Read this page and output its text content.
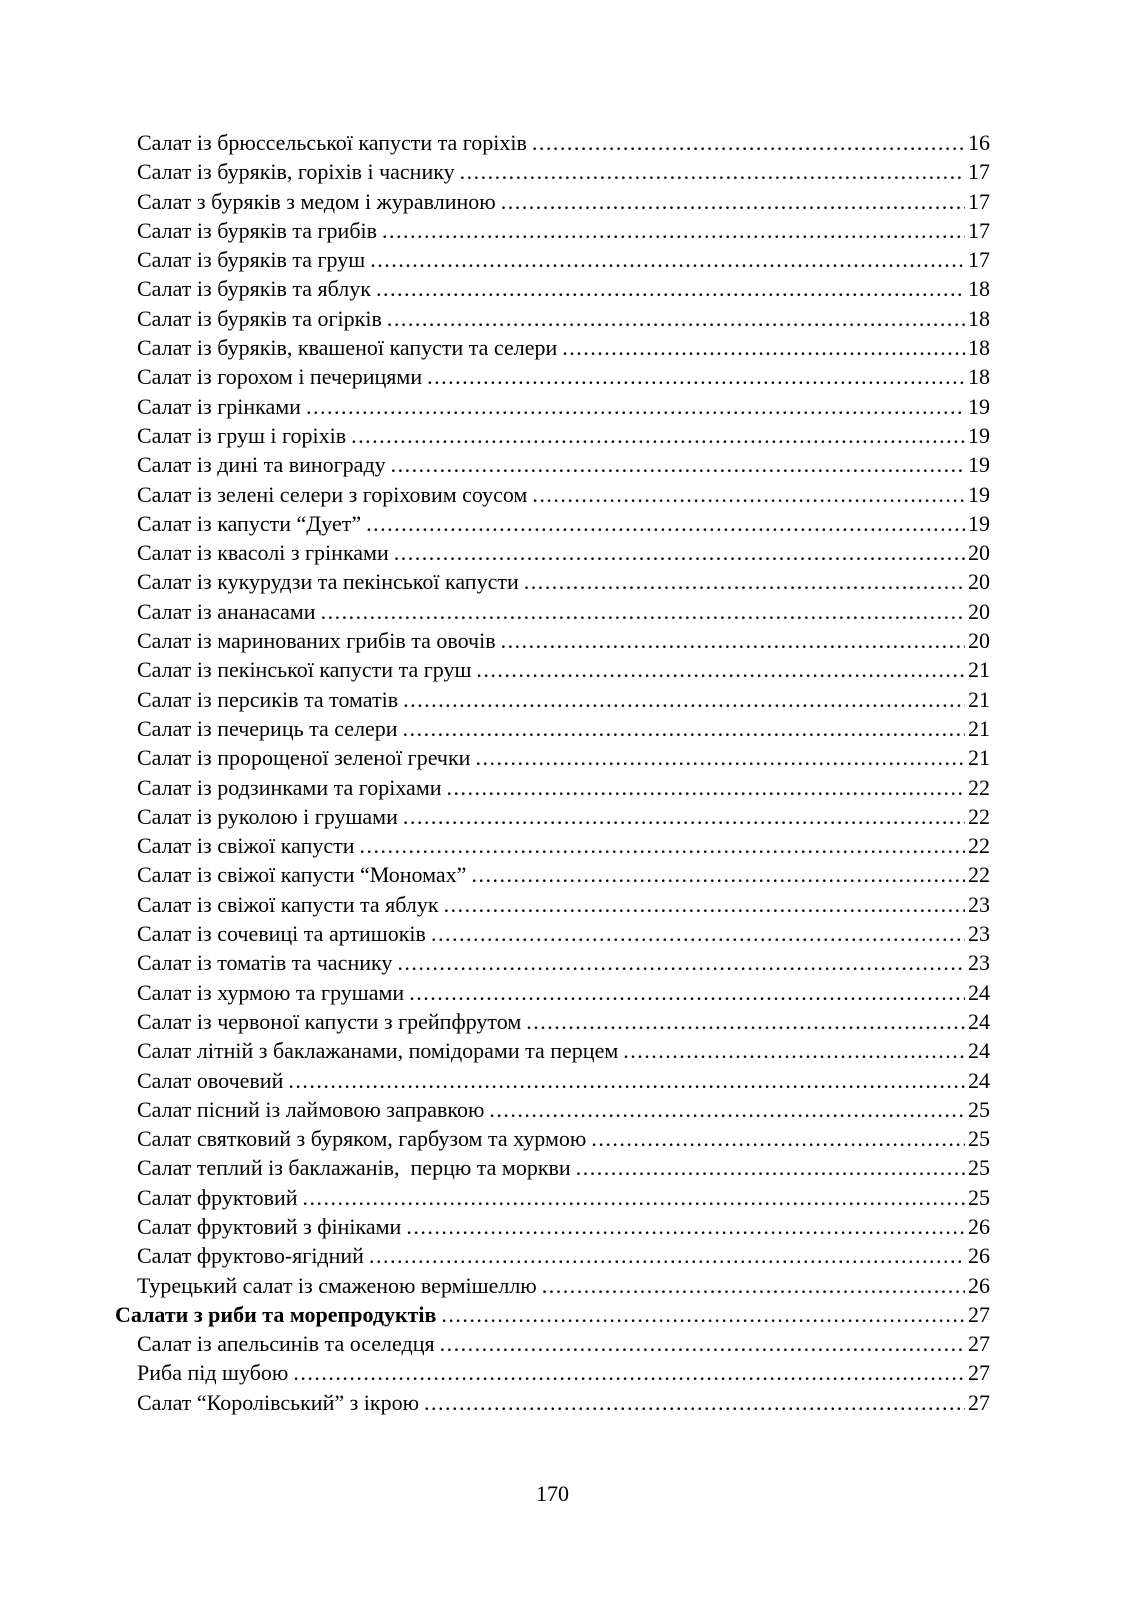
Салат із брюссельської капусти та горіхів .....	16
Салат із буряків, горіхів і часнику .....	17
Салат з буряків з медом і журавлиною .....	17
Салат із буряків та грибів .....	17
Салат із буряків та груш .....	17
Салат із буряків та яблук .....	18
Салат із буряків та огірків .....	18
Салат із буряків, квашеної капусти та селери .....	18
Салат із горохом і печерицями .....	18
Салат із грінками .....	19
Салат із груш і горіхів .....	19
Салат із дині та винограду .....	19
Салат із зелені селери з горіховим соусом .....	19
Салат із капусти “Дует” .....	19
Салат із квасолі з грінками .....	20
Салат із кукурудзи та пекінської капусти .....	20
Салат із ананасами .....	20
Салат із маринованих грибів та овочів .....	20
Салат із пекінської капусти та груш .....	21
Салат із персиків та томатів .....	21
Салат із печериць та селери .....	21
Салат із пророщеної зеленої гречки .....	21
Салат із родзинками та горіхами .....	22
Салат із руколою і грушами .....	22
Салат із свіжої капусти .....	22
Салат із свіжої капусти “Мономах” .....	22
Салат із свіжої капусти та яблук .....	23
Салат із сочевиці та артишоків .....	23
Салат із томатів та часнику .....	23
Салат із хурмою та грушами .....	24
Салат із червоної капусти з грейпфрутом .....	24
Салат літній з баклажанами, помідорами та перцем .....	24
Салат овочевий .....	24
Салат пісний із лаймовою заправкою .....	25
Салат святковий з буряком, гарбузом та хурмою .....	25
Салат теплий із баклажанів,  перцю та моркви .....	25
Салат фруктовий .....	25
Салат фруктовий з фініками .....	26
Салат фруктово-ягідний .....	26
Турецький салат із смаженою вермішеллю .....	26
Салати з риби та морепродуктів .....	27
Салат із апельсинів та оселедця .....	27
Риба під шубою .....	27
Салат “Королівський” з ікрою .....	27
170
